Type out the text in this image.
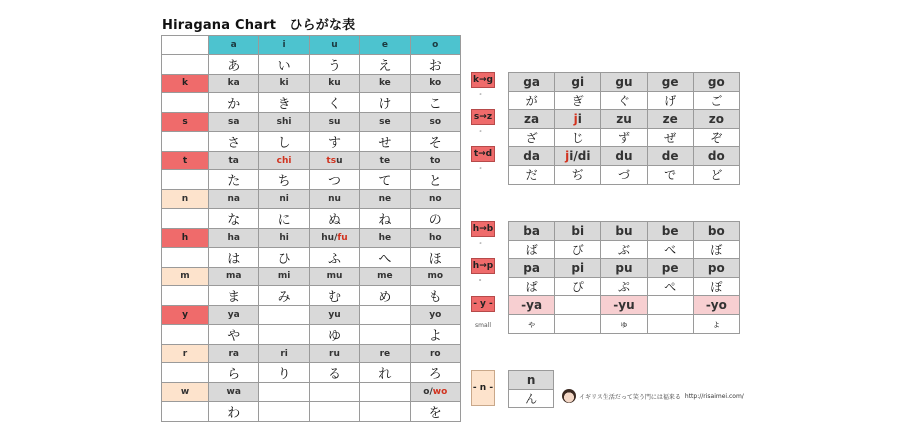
Hiragana Chart　ひらがな表
	a	i	u	e	o
	あ	い	う	え	お
k	ka	ki	ku	ke	ko
	か	き	く	け	こ
s	sa	shi	su	se	so
	さ	し	す	せ	そ
t	ta	chi	tsu	te	to
	た	ち	つ	て	と
n	na	ni	nu	ne	no
	な	に	ぬ	ね	の
h	ha	hi	hu/fu	he	ho
	は	ひ	ふ	へ	ほ
m	ma	mi	mu	me	mo
	ま	み	む	め	も
y	ya		yu		yo
	や		ゆ		よ
r	ra	ri	ru	re	ro
	ら	り	る	れ	ろ
w	wa				o/wo
	わ				を
k→g
゛
s→z
゛
t→d
゛
ga	gi	gu	ge	go
が	ぎ	ぐ	げ	ご
za	ji	zu	ze	zo
ざ	じ	ず	ぜ	ぞ
da	ji/di	du	de	do
だ	ぢ	づ	で	ど
h→b
゛
h→p
゜
- y -
small
ba	bi	bu	be	bo
ば	び	ぶ	べ	ぼ
pa	pi	pu	pe	po
ぱ	ぴ	ぷ	ぺ	ぽ
-ya		-yu		-yo
ゃ		ゅ		ょ
- n -
n
ん	イギリス生活だって笑う門には福来る http://risaimei.com/
